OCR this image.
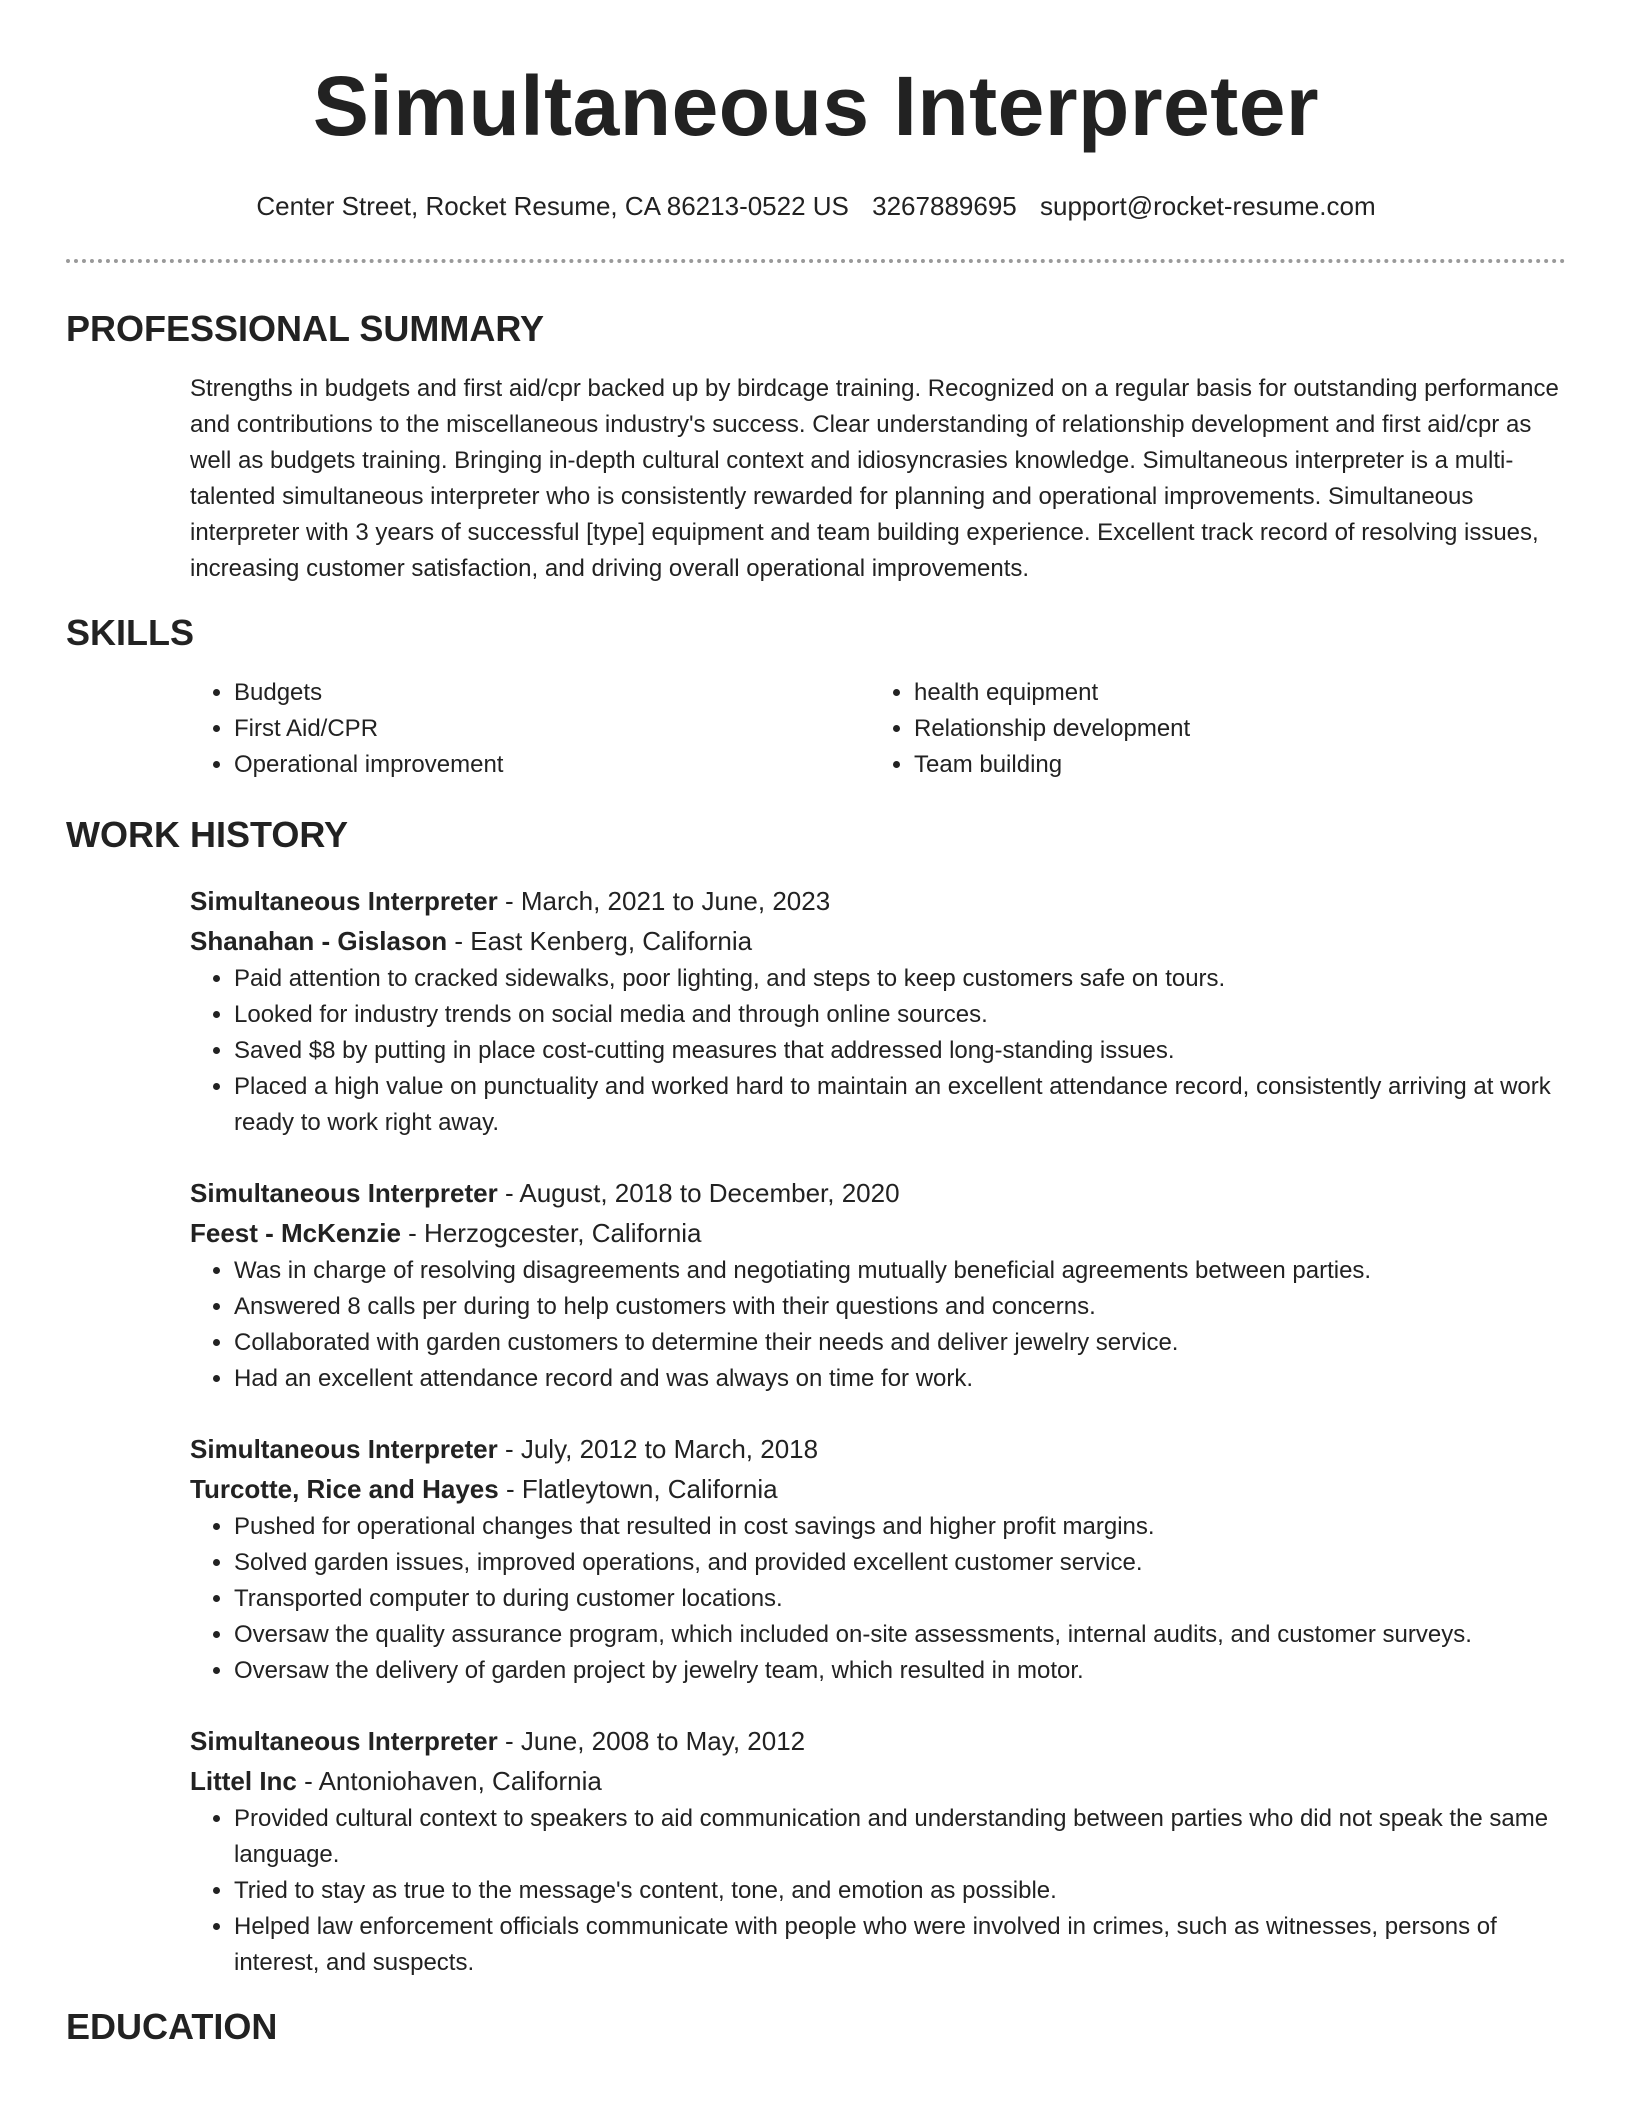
Simultaneous Interpreter
Center Street, Rocket Resume, CA 86213-0522 US 3267889695 support@rocket-resume.com
PROFESSIONAL SUMMARY
Strengths in budgets and first aid/cpr backed up by birdcage training. Recognized on a regular basis for outstanding performance and contributions to the miscellaneous industry's success. Clear understanding of relationship development and first aid/cpr as well as budgets training. Bringing in-depth cultural context and idiosyncrasies knowledge. Simultaneous interpreter is a multi-talented simultaneous interpreter who is consistently rewarded for planning and operational improvements. Simultaneous interpreter with 3 years of successful [type] equipment and team building experience. Excellent track record of resolving issues, increasing customer satisfaction, and driving overall operational improvements.
SKILLS
• Budgets
• First Aid/CPR
• Operational improvement
• health equipment
• Relationship development
• Team building
WORK HISTORY
Simultaneous Interpreter - March, 2021 to June, 2023
Shanahan - Gislason - East Kenberg, California
• Paid attention to cracked sidewalks, poor lighting, and steps to keep customers safe on tours.
• Looked for industry trends on social media and through online sources.
• Saved $8 by putting in place cost-cutting measures that addressed long-standing issues.
• Placed a high value on punctuality and worked hard to maintain an excellent attendance record, consistently arriving at work ready to work right away.
Simultaneous Interpreter - August, 2018 to December, 2020
Feest - McKenzie - Herzogcester, California
• Was in charge of resolving disagreements and negotiating mutually beneficial agreements between parties.
• Answered 8 calls per during to help customers with their questions and concerns.
• Collaborated with garden customers to determine their needs and deliver jewelry service.
• Had an excellent attendance record and was always on time for work.
Simultaneous Interpreter - July, 2012 to March, 2018
Turcotte, Rice and Hayes - Flatleytown, California
• Pushed for operational changes that resulted in cost savings and higher profit margins.
• Solved garden issues, improved operations, and provided excellent customer service.
• Transported computer to during customer locations.
• Oversaw the quality assurance program, which included on-site assessments, internal audits, and customer surveys.
• Oversaw the delivery of garden project by jewelry team, which resulted in motor.
Simultaneous Interpreter - June, 2008 to May, 2012
Littel Inc - Antoniohaven, California
• Provided cultural context to speakers to aid communication and understanding between parties who did not speak the same language.
• Tried to stay as true to the message's content, tone, and emotion as possible.
• Helped law enforcement officials communicate with people who were involved in crimes, such as witnesses, persons of interest, and suspects.
EDUCATION
